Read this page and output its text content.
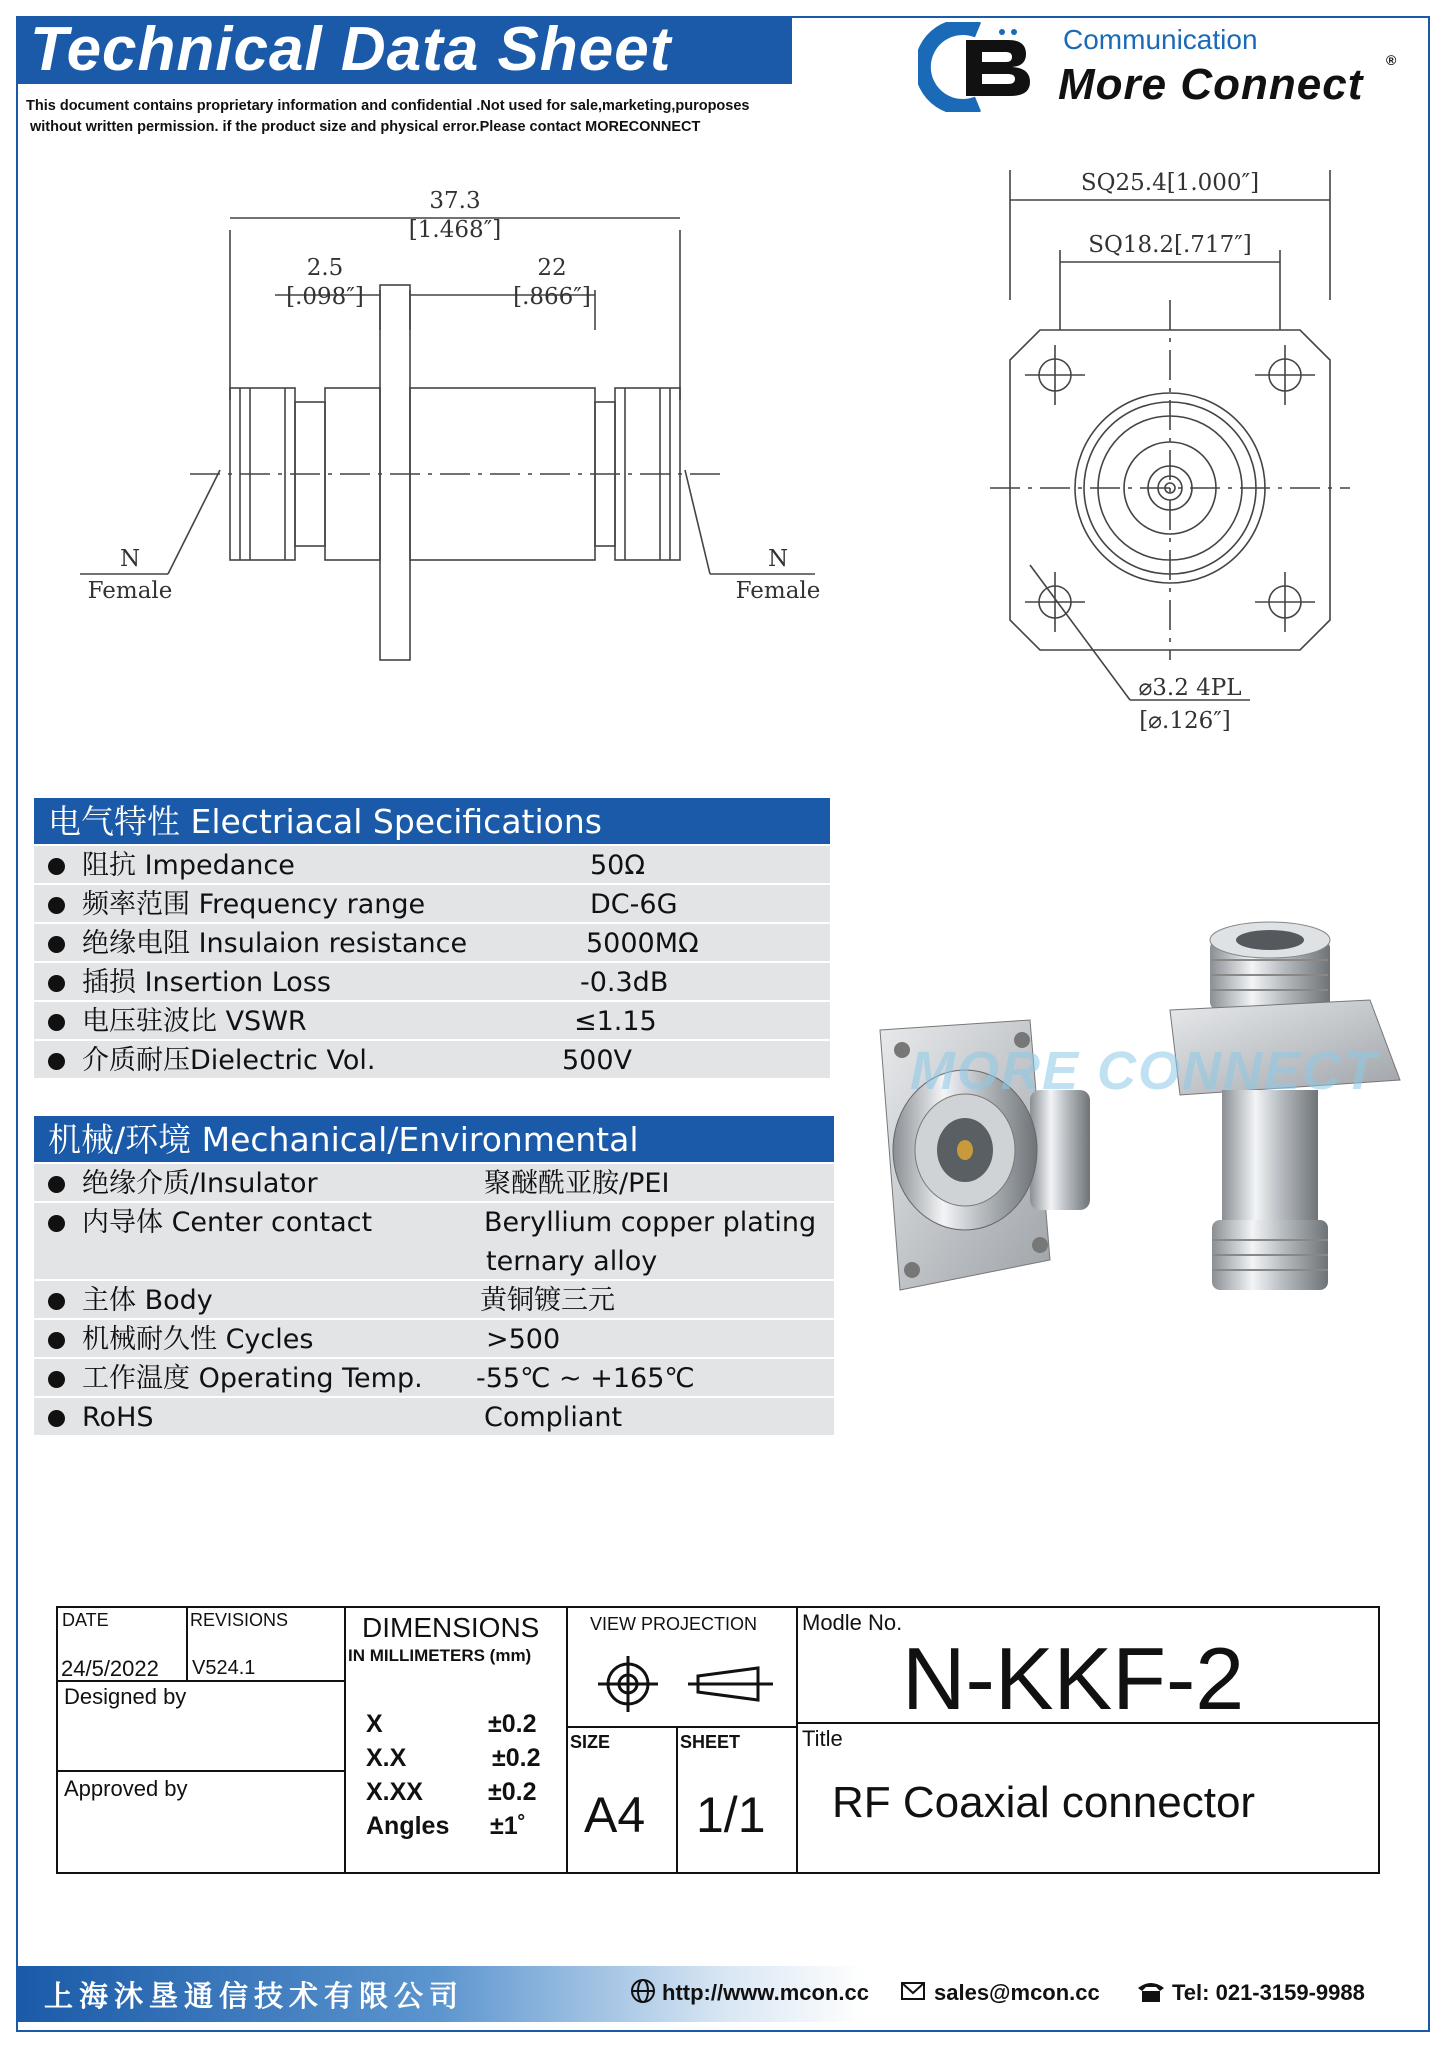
Technical Data Sheet
This document contains proprietary information and confidential .Not used for sale,marketing,puroposes
without written permission. if the product size and physical error.Please contact MORECONNECT
Communication
More Connect ®
37.3
[1.468″]
2.5
[.098″]
22
[.866″]
N
Female
N
Female
SQ25.4[1.000″]
SQ18.2[.717″]
⌀3.2 4PL
[⌀.126″]
电气特性 Electriacal Specifications
阻抗 Impedance	50Ω
频率范围 Frequency range	DC-6G
绝缘电阻 Insulaion resistance	5000MΩ
插损 Insertion Loss	-0.3dB
电压驻波比 VSWR	≤1.15
介质耐压Dielectric Vol.	500V
机械/环境 Mechanical/Environmental
绝缘介质/Insulator	聚醚酰亚胺/PEI
内导体 Center contact	Beryllium copper plating
ternary alloy
主体 Body	黄铜镀三元
机械耐久性 Cycles	>500
工作温度 Operating Temp. -55℃ ~ +165℃
RoHS	Compliant
MORE CONNECT
DATE
24/5/2022
REVISIONS
V524.1
Designed by
Approved by
DIMENSIONS
IN MILLIMETERS (mm)
X	±0.2
X.X	±0.2
X.XX	±0.2
Angles ±1˚
VIEW PROJECTION
SIZE
A4
SHEET
1/1
Modle No.
N-KKF-2
Title
RF Coaxial connector
上海沐垦通信技术有限公司	http://www.mcon.cc	sales@mcon.cc	Tel: 021-3159-9988
